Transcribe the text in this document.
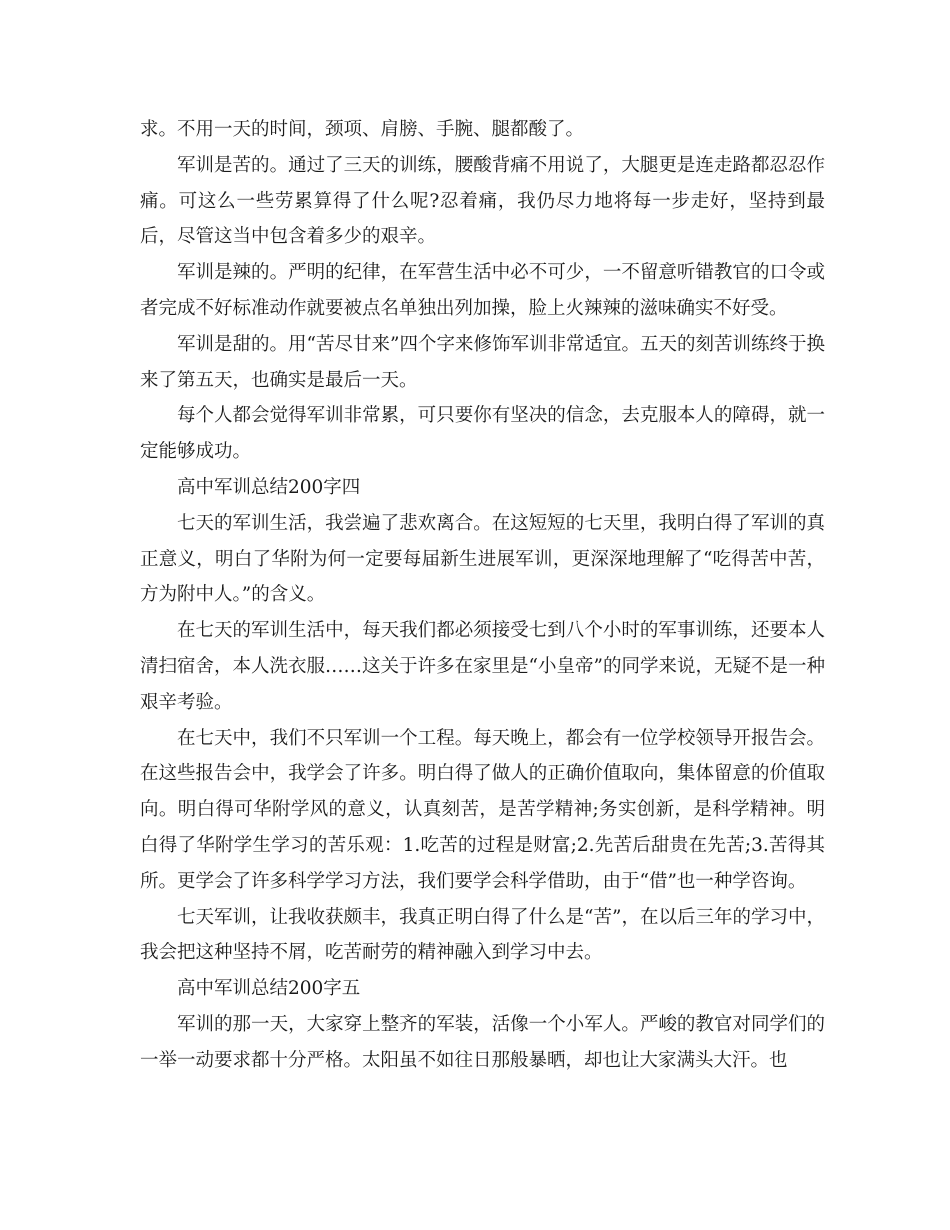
求。不用一天的时间，颈项、肩膀、手腕、腿都酸了。

军训是苦的。通过了三天的训练，腰酸背痛不用说了，大腿更是连走路都忍忍作痛。可这么一些劳累算得了什么呢?忍着痛，我仍尽力地将每一步走好，坚持到最后，尽管这当中包含着多少的艰辛。

军训是辣的。严明的纪律，在军营生活中必不可少，一不留意听错教官的口令或者完成不好标准动作就要被点名单独出列加操，脸上火辣辣的滋味确实不好受。

军训是甜的。用“苦尽甘来”四个字来修饰军训非常适宜。五天的刻苦训练终于换来了第五天，也确实是最后一天。

每个人都会觉得军训非常累，可只要你有坚决的信念，去克服本人的障碍，就一定能够成功。

高中军训总结200字四

七天的军训生活，我尝遍了悲欢离合。在这短短的七天里，我明白得了军训的真正意义，明白了华附为何一定要每届新生进展军训，更深深地理解了“吃得苦中苦，方为附中人。”的含义。

在七天的军训生活中，每天我们都必须接受七到八个小时的军事训练，还要本人清扫宿舍，本人洗衣服……这关于许多在家里是“小皇帝”的同学来说，无疑不是一种艰辛考验。

在七天中，我们不只军训一个工程。每天晚上，都会有一位学校领导开报告会。在这些报告会中，我学会了许多。明白得了做人的正确价值取向，集体留意的价值取向。明白得可华附学风的意义，认真刻苦，是苦学精神;务实创新，是科学精神。明白得了华附学生学习的苦乐观：1.吃苦的过程是财富;2.先苦后甜贵在先苦;3.苦得其所。更学会了许多科学学习方法，我们要学会科学借助，由于“借”也一种学咨询。

七天军训，让我收获颇丰，我真正明白得了什么是“苦”，在以后三年的学习中，我会把这种坚持不屑，吃苦耐劳的精神融入到学习中去。

高中军训总结200字五

军训的那一天，大家穿上整齐的军装，活像一个小军人。严峻的教官对同学们的一举一动要求都十分严格。太阳虽不如往日那般暴晒，却也让大家满头大汗。也
